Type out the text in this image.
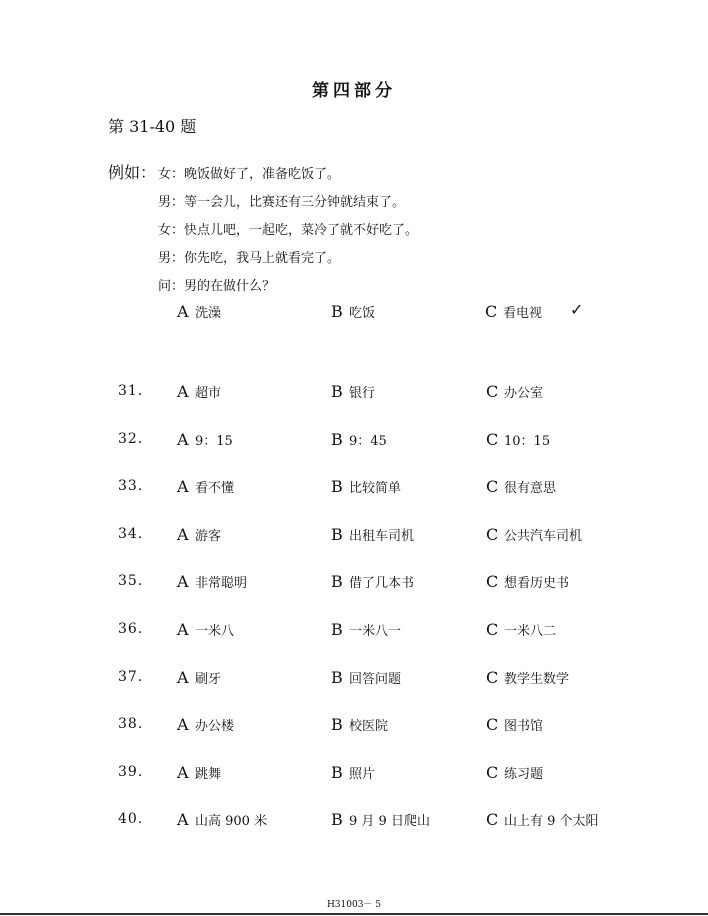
第四部分
第 31-40 题
例如： 女：晚饭做好了，准备吃饭了。
男：等一会儿，比赛还有三分钟就结束了。
女：快点儿吧，一起吃，菜冷了就不好吃了。
男：你先吃，我马上就看完了。
问：男的在做什么？
A 洗澡	B 吃饭	C 看电视 ✓
31. A 超市	B 银行	C 办公室
32. A 9：15	B 9：45	C 10：15
33. A 看不懂	B 比较简单	C 很有意思
34. A 游客	B 出租车司机	C 公共汽车司机
35. A 非常聪明	B 借了几本书	C 想看历史书
36. A 一米八	B 一米八一	C 一米八二
37. A 刷牙	B 回答问题	C 教学生数学
38. A 办公楼	B 校医院	C 图书馆
39. A 跳舞	B 照片	C 练习题
40. A 山高 900 米	B 9 月 9 日爬山	C 山上有 9 个太阳
H31003－ 5
